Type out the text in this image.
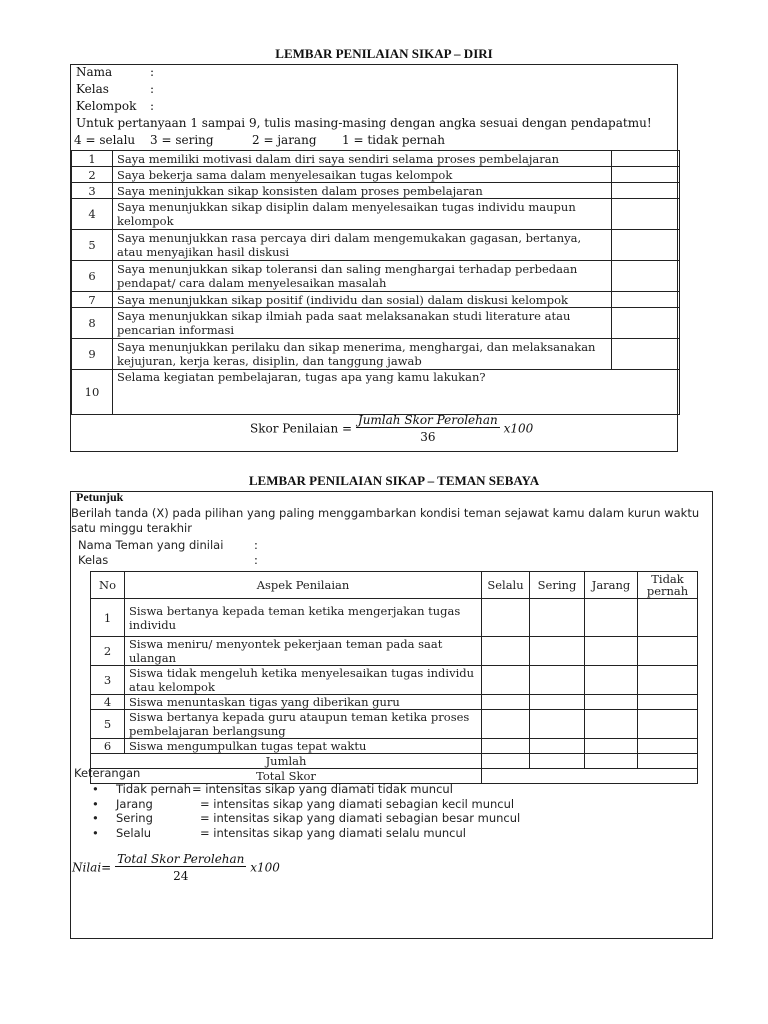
LEMBAR PENILAIAN SIKAP – DIRI
Nama	:
Kelas	:
Kelompok :
Untuk pertanyaan 1 sampai 9, tulis masing-masing dengan angka sesuai dengan pendapatmu!
4 = selalu 3 = sering	2 = jarang 1 = tidak pernah
1	Saya memiliki motivasi dalam diri saya sendiri selama proses pembelajaran	
2	Saya bekerja sama dalam menyelesaikan tugas kelompok	
3	Saya meninjukkan sikap konsisten dalam proses pembelajaran	
4	Saya menunjukkan sikap disiplin dalam menyelesaikan tugas individu maupun kelompok	
5	Saya menunjukkan rasa percaya diri dalam mengemukakan gagasan, bertanya, atau menyajikan hasil diskusi	
6	Saya menunjukkan sikap toleransi dan saling menghargai terhadap perbedaan pendapat/ cara dalam menyelesaikan masalah	
7	Saya menunjukkan sikap positif (individu dan sosial) dalam diskusi kelompok	
8	Saya menunjukkan sikap ilmiah pada saat melaksanakan studi literature atau pencarian informasi	
9	Saya menunjukkan perilaku dan sikap menerima, menghargai, dan melaksanakan kejujuran, kerja keras, disiplin, dan tanggung jawab	
10	Selama kegiatan pembelajaran, tugas apa yang kamu lakukan?	
Skor Penilaian = $\frac{\text{Jumlah Skor Perolehan}}{36} x100$
LEMBAR PENILAIAN SIKAP – TEMAN SEBAYA
Petunjuk
Berilah tanda (X) pada pilihan yang paling menggambarkan kondisi teman sejawat kamu dalam kurun waktu satu minggu terakhir
Nama Teman yang dinilai	:
Kelas	:
No	Aspek Penilaian	Selalu	Sering	Jarang	Tidak pernah
1	Siswa bertanya kepada teman ketika mengerjakan tugas individu				
2	Siswa meniru/ menyontek pekerjaan teman pada saat ulangan				
3	Siswa tidak mengeluh ketika menyelesaikan tugas individu atau kelompok				
4	Siswa menuntaskan tigas yang diberikan guru				
5	Siswa bertanya kepada guru ataupun teman ketika proses pembelajaran berlangsung				
6	Siswa mengumpulkan tugas tepat waktu				
Jumlah					
Total Skor					
Keterangan
• Tidak pernah = intensitas sikap yang diamati tidak muncul
• Jarang	= intensitas sikap yang diamati sebagian kecil muncul
• Sering	= intensitas sikap yang diamati sebagian besar muncul
• Selalu	= intensitas sikap yang diamati selalu muncul
Nilai= $\frac{\text{Total Skor Perolehan}}{24} x100$
